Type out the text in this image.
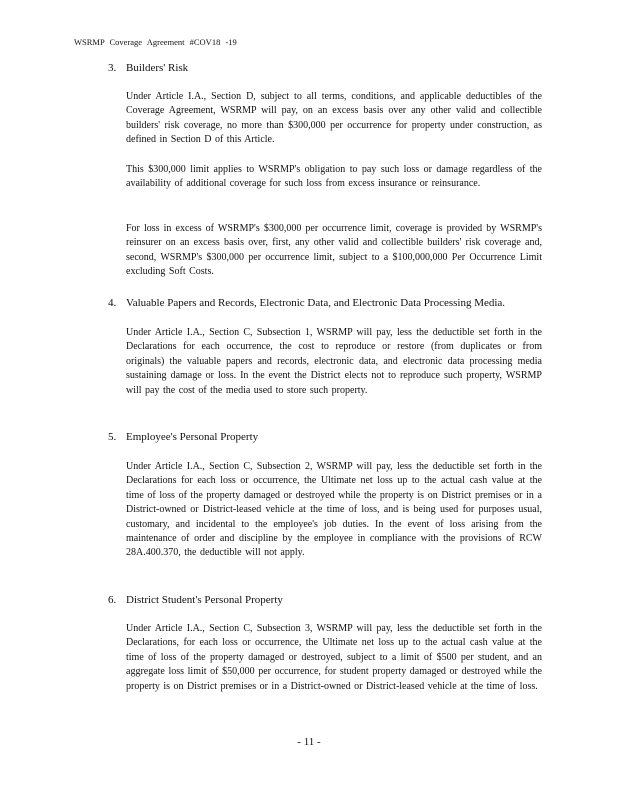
WSRMP Coverage Agreement #COV18 -19
3. Builders' Risk
Under Article I.A., Section D, subject to all terms, conditions, and applicable deductibles of the Coverage Agreement, WSRMP will pay, on an excess basis over any other valid and collectible builders' risk coverage, no more than $300,000 per occurrence for property under construction, as defined in Section D of this Article.
This $300,000 limit applies to WSRMP's obligation to pay such loss or damage regardless of the availability of additional coverage for such loss from excess insurance or reinsurance.
For loss in excess of WSRMP's $300,000 per occurrence limit, coverage is provided by WSRMP's reinsurer on an excess basis over, first, any other valid and collectible builders' risk coverage and, second, WSRMP's $300,000 per occurrence limit, subject to a $100,000,000 Per Occurrence Limit excluding Soft Costs.
4. Valuable Papers and Records, Electronic Data, and Electronic Data Processing Media.
Under Article I.A., Section C, Subsection 1, WSRMP will pay, less the deductible set forth in the Declarations for each occurrence, the cost to reproduce or restore (from duplicates or from originals) the valuable papers and records, electronic data, and electronic data processing media sustaining damage or loss. In the event the District elects not to reproduce such property, WSRMP will pay the cost of the media used to store such property.
5. Employee's Personal Property
Under Article I.A., Section C, Subsection 2, WSRMP will pay, less the deductible set forth in the Declarations for each loss or occurrence, the Ultimate net loss up to the actual cash value at the time of loss of the property damaged or destroyed while the property is on District premises or in a District-owned or District-leased vehicle at the time of loss, and is being used for purposes usual, customary, and incidental to the employee's job duties. In the event of loss arising from the maintenance of order and discipline by the employee in compliance with the provisions of RCW 28A.400.370, the deductible will not apply.
6. District Student's Personal Property
Under Article I.A., Section C, Subsection 3, WSRMP will pay, less the deductible set forth in the Declarations, for each loss or occurrence, the Ultimate net loss up to the actual cash value at the time of loss of the property damaged or destroyed, subject to a limit of $500 per student, and an aggregate loss limit of $50,000 per occurrence, for student property damaged or destroyed while the property is on District premises or in a District-owned or District-leased vehicle at the time of loss.
- 11 -
